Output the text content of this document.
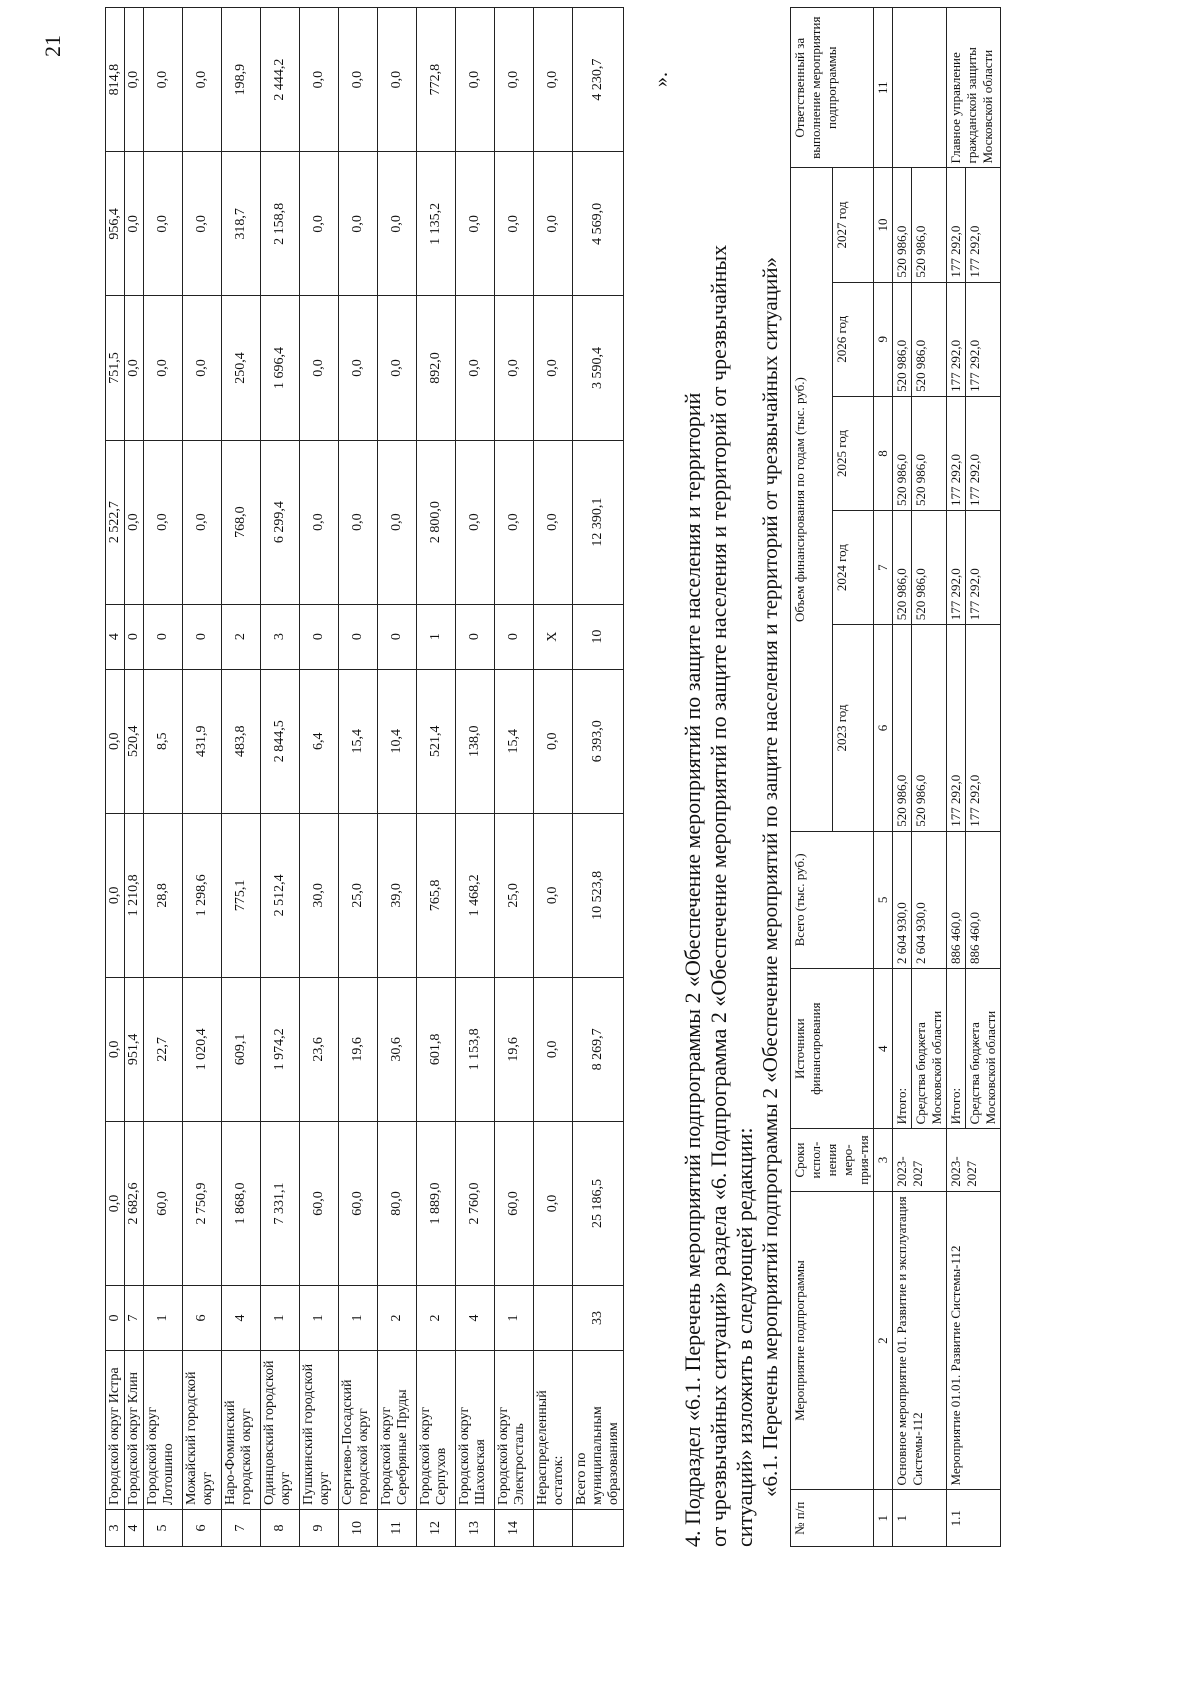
21
3	Городской округ Истра	0	0,0	0,0	0,0	0,0	4	2 522,7	751,5	956,4	814,8
4	Городской округ Клин	7	2 682,6	951,4	1 210,8	520,4	0	0,0	0,0	0,0	0,0
5	Городской округ Лотошино	1	60,0	22,7	28,8	8,5	0	0,0	0,0	0,0	0,0
6	Можайский городской округ	6	2 750,9	1 020,4	1 298,6	431,9	0	0,0	0,0	0,0	0,0
7	Наро-Фоминский городской округ	4	1 868,0	609,1	775,1	483,8	2	768,0	250,4	318,7	198,9
8	Одинцовский городской округ	1	7 331,1	1 974,2	2 512,4	2 844,5	3	6 299,4	1 696,4	2 158,8	2 444,2
9	Пушкинский городской округ	1	60,0	23,6	30,0	6,4	0	0,0	0,0	0,0	0,0
10	Сергиево-Посадский городской округ	1	60,0	19,6	25,0	15,4	0	0,0	0,0	0,0	0,0
11	Городской округ Серебряные Пруды	2	80,0	30,6	39,0	10,4	0	0,0	0,0	0,0	0,0
12	Городской округ Серпухов	2	1 889,0	601,8	765,8	521,4	1	2 800,0	892,0	1 135,2	772,8
13	Городской округ Шаховская	4	2 760,0	1 153,8	1 468,2	138,0	0	0,0	0,0	0,0	0,0
14	Городской округ Электросталь	1	60,0	19,6	25,0	15,4	0	0,0	0,0	0,0	0,0
	Нераспределенный остаток:		0,0	0,0	0,0	0,0	X	0,0	0,0	0,0	0,0
	Всего по муниципальным образованиям	33	25 186,5	8 269,7	10 523,8	6 393,0	10	12 390,1	3 590,4	4 569,0	4 230,7
4. Подраздел «6.1. Перечень мероприятий подпрограммы 2 «Обеспечение мероприятий по защите населения и территорий от чрезвычайных ситуаций» раздела «6. Подпрограмма 2 «Обеспечение мероприятий по защите населения и территорий от чрезвычайных ситуаций» изложить в следующей редакции:
».
«6.1. Перечень мероприятий подпрограммы 2 «Обеспечение мероприятий по защите населения и территорий от чрезвычайных ситуаций»
№ п/п	Мероприятие подпрограммы	Сроки испол-нения меро-прия-тия	Источники финансирования	Всего (тыс. руб.)	Объем финансирования по годам (тыс. руб.)					Ответственный за выполнение мероприятия подпрограммы
					2023 год	2024 год	2025 год	2026 год	2027 год	
1	2	3	4	5	6	7	8	9	10	11
1	Основное мероприятие 01. Развитие и эксплуатация Системы-112	2023-2027	Итого:	2 604 930,0	520 986,0	520 986,0	520 986,0	520 986,0	520 986,0	
			Средства бюджета Московской области	2 604 930,0	520 986,0	520 986,0	520 986,0	520 986,0	520 986,0	
1.1	Мероприятие 01.01. Развитие Системы-112	2023-2027	Итого:	886 460,0	177 292,0	177 292,0	177 292,0	177 292,0	177 292,0	Главное управление гражданской защиты Московской области
			Средства бюджета Московской области	886 460,0	177 292,0	177 292,0	177 292,0	177 292,0	177 292,0	
